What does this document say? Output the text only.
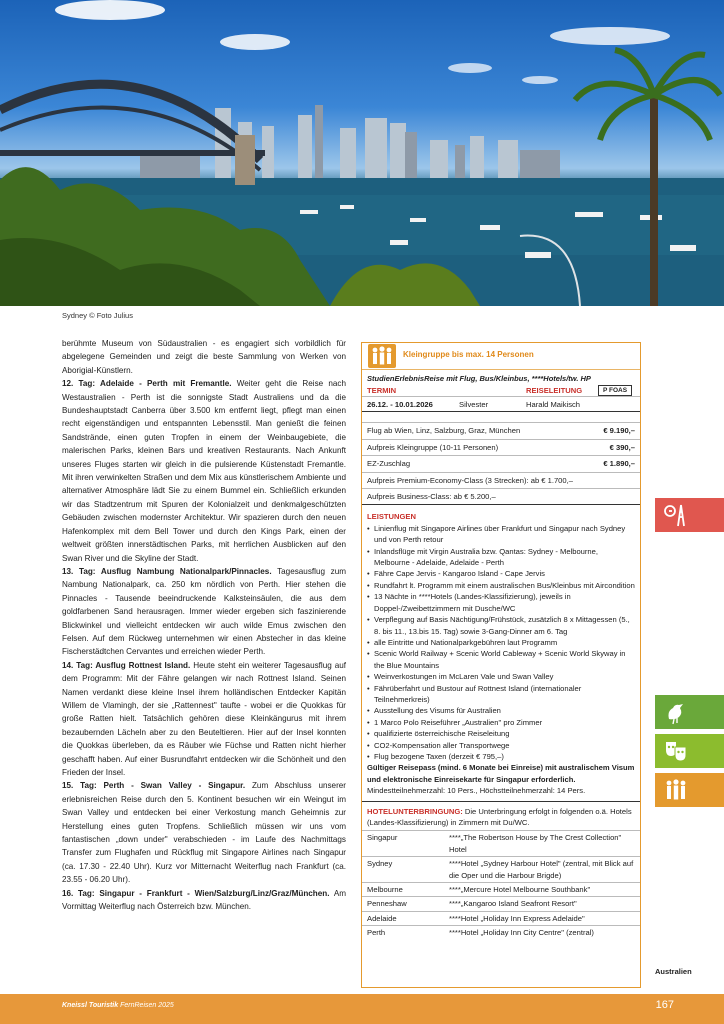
Sydney © Foto Julius

berühmte Museum von Südaustralien - es engagiert sich vorbildlich für abgelegene Gemeinden und zeigt die beste Sammlung von Werken von Aborigial-Künstlern.

12. Tag: Adelaide - Perth mit Fremantle. Weiter geht die Reise nach Westaustralien - Perth ist die sonnigste Stadt Australiens und da die Bundeshauptstadt Canberra über 3.500 km entfernt liegt, pflegt man einen recht eigenständigen und entspannten Lebensstil. Man genießt die feinen Sandstrände, einen guten Tropfen in einem der Weinbaugebiete, die malerischen Parks, kleinen Bars und kreativen Restaurants. Nach Ankunft unseres Fluges starten wir gleich in die pulsierende Küstenstadt Fremantle. Mit ihren verwinkelten Straßen und dem Mix aus künstlerischem Ambiente und alternativer Atmosphäre lädt Sie zu einem Bummel ein. Schließlich erkunden wir das Stadtzentrum mit Spuren der Kolonialzeit und denkmalgeschützten Gebäuden zwischen modernster Architektur. Wir spazieren durch den neuen Hafenkomplex mit dem Bell Tower und durch den Kings Park, einen der weltweit größten innerstädtischen Parks, mit herrlichen Ausblicken auf den Swan River und die Skyline der Stadt.

13. Tag: Ausflug Nambung Nationalpark/Pinnacles. Tagesausflug zum Nambung Nationalpark, ca. 250 km nördlich von Perth. Hier stehen die Pinnacles - Tausende beeindruckende Kalksteinsäulen, die aus dem goldfarbenen Sand herausragen. Immer wieder ergeben sich faszinierende Blickwinkel und vielleicht entdecken wir auch wilde Emus zwischen den Felsen. Auf dem Rückweg unternehmen wir einen Abstecher in das kleine Fischerstädtchen Cervantes und erreichen wieder Perth.

14. Tag: Ausflug Rottnest Island. Heute steht ein weiterer Tagesausflug auf dem Programm: Mit der Fähre gelangen wir nach Rottnest Island. Seinen Namen verdankt diese kleine Insel ihrem holländischen Entdecker Kapitän Willem de Vlamingh, der sie „Rattennest" taufte - wobei er die Quokkas für große Ratten hielt. Tatsächlich gehören diese Kleinkängurus mit ihrem bezaubernden Lächeln aber zu den Beuteltieren. Hier auf der Insel konnten die Quokkas überleben, da es Räuber wie Füchse und Ratten nicht hierher geschafft haben. Auf einer Busrundfahrt entdecken wir die Schönheit und den Frieden der Insel.

15. Tag: Perth - Swan Valley - Singapur. Zum Abschluss unserer erlebnisreichen Reise durch den 5. Kontinent besuchen wir ein Weingut im Swan Valley und entdecken bei einer Verkostung manch Geheimnis zur Herstellung eines guten Tropfens. Schließlich müssen wir uns vom fantastischen „down under" verabschieden - im Laufe des Nachmittags Transfer zum Flughafen und Rückflug mit Singapore Airlines nach Singapur (ca. 17.30 - 22.40 Uhr). Kurz vor Mitternacht Weiterflug nach Frankfurt (ca. 23.55 - 06.20 Uhr).

16. Tag: Singapur - Frankfurt - Wien/Salzburg/Linz/Graz/München. Am Vormittag Weiterflug nach Österreich bzw. München.

Kleingruppe bis max. 14 Personen
StudienErlebnisReise mit Flug, Bus/Kleinbus, ****Hotels/tw. HP
TERMIN	REISELEITUNG	P FOAS
26.12. - 10.01.2026	Silvester	Harald Maikisch
Flug ab Wien, Linz, Salzburg, Graz, München	€ 9.190,–
Aufpreis Kleingruppe (10-11 Personen)	€ 390,–
EZ-Zuschlag	€ 1.890,–
Aufpreis Premium-Economy-Class (3 Strecken): ab € 1.700,–
Aufpreis Business-Class: ab € 5.200,–
LEISTUNGEN
• Linienflug mit Singapore Airlines über Frankfurt und Singapur nach Sydney und von Perth retour
• Inlandsflüge mit Virgin Australia bzw. Qantas: Sydney - Melbourne, Melbourne - Adelaide, Adelaide - Perth
• Fähre Cape Jervis - Kangaroo Island - Cape Jervis
• Rundfahrt lt. Programm mit einem australischen Bus/Kleinbus mit Aircondition
• 13 Nächte in ****Hotels (Landes-Klassifizierung), jeweils in Doppel-/Zweibettzimmern mit Dusche/WC
• Verpflegung auf Basis Nächtigung/Frühstück, zusätzlich 8 x Mittagessen (5., 8. bis 11., 13.bis 15. Tag) sowie 3-Gang-Dinner am 6. Tag
• alle Eintritte und Nationalparkgebühren laut Programm
• Scenic World Railway + Scenic World Cableway + Scenic World Skyway in the Blue Mountains
• Weinverkostungen im McLaren Vale und Swan Valley
• Fährüberfahrt und Bustour auf Rottnest Island (internationaler Teilnehmerkreis)
• Ausstellung des Visums für Australien
• 1 Marco Polo Reiseführer „Australien" pro Zimmer
• qualifizierte österreichische Reiseleitung
• CO2-Kompensation aller Transportwege
• Flug bezogene Taxen (derzeit € 795,–)
Gültiger Reisepass (mind. 6 Monate bei Einreise) mit australischem Visum und elektronische Einreisekarte für Singapur erforderlich.
Mindestteilnehmerzahl: 10 Pers., Höchstteilnehmerzahl: 14 Pers.
HOTELUNTERBRINGUNG: Die Unterbringung erfolgt in folgenden o.ä. Hotels (Landes-Klassifizierung) in Zimmern mit Du/WC.
Singapur	****„The Robertson House by The Crest Collection" Hotel
Sydney	****Hotel „Sydney Harbour Hotel" (zentral, mit Blick auf die Oper und die Harbour Brigde)
Melbourne	****„Mercure Hotel Melbourne Southbank"
Penneshaw	****„Kangaroo Island Seafront Resort"
Adelaide	****Hotel „Holiday Inn Express Adelaide"
Perth	****Hotel „Holiday Inn City Centre" (zentral)
Australien
Kneissl Touristik FernReisen 2025	167
